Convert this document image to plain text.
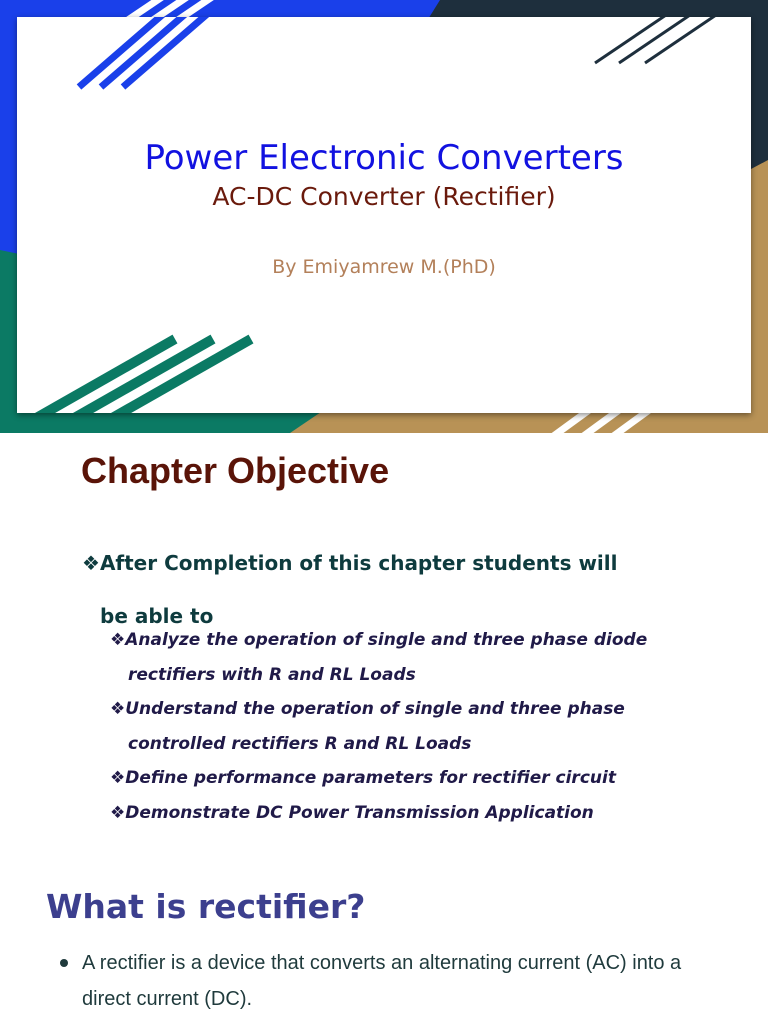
Power Electronic Converters
AC-DC Converter (Rectifier)
By Emiyamrew M.(PhD)
Chapter Objective
❖After Completion of this chapter students will
be able to
❖Analyze the operation of single and three phase diode rectifiers with R and RL Loads
❖Understand the operation of single and three phase controlled rectifiers R and RL Loads
❖Define performance parameters for rectifier circuit
❖Demonstrate DC Power Transmission Application
What is rectifier?
A rectifier is a device that converts an alternating current (AC) into a direct current (DC).
